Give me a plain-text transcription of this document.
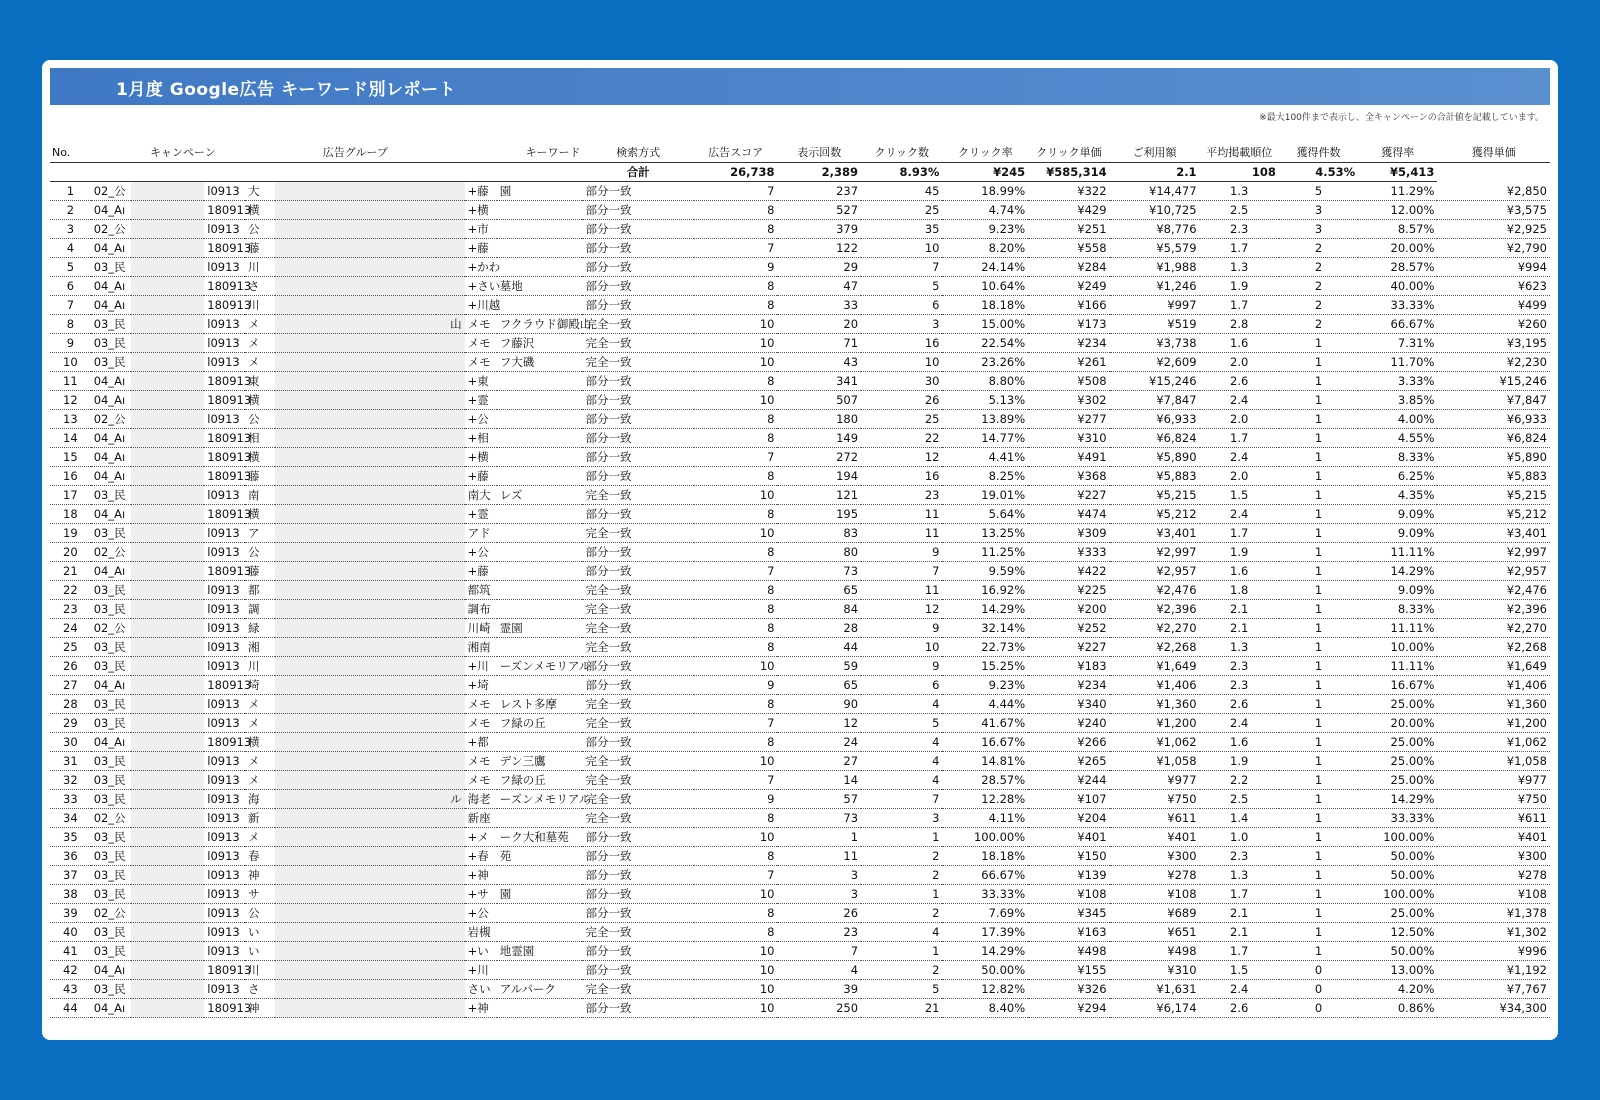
1月度 Google広告 キーワード別レポート
※最大100件まで表示し、全キャンペーンの合計値を記載しています。
No.	キャンペーン				広告グループ	キーワード			検索方式	広告スコア	表示回数	クリック数	クリック率	クリック単価	ご利用額	平均掲載順位	獲得件数	獲得率	獲得単価
									合計	26,738	2,389	8.93%	¥245	¥585,314	2.1	108	4.53%	¥5,413	
1	02_公		l0913	大			+藤	園	部分一致	7	237	45	18.99%	¥322	¥14,477	1.3	5	11.29%	¥2,850
2	04_Aı		180913	横			+横		部分一致	8	527	25	4.74%	¥429	¥10,725	2.5	3	12.00%	¥3,575
3	02_公		l0913	公			+市		部分一致	8	379	35	9.23%	¥251	¥8,776	2.3	3	8.57%	¥2,925
4	04_Aı		180913	藤			+藤		部分一致	7	122	10	8.20%	¥558	¥5,579	1.7	2	20.00%	¥2,790
5	03_民		l0913	川			+かわ		部分一致	9	29	7	24.14%	¥284	¥1,988	1.3	2	28.57%	¥994
6	04_Aı		180913	さ			+さい	墓地	部分一致	8	47	5	10.64%	¥249	¥1,246	1.9	2	40.00%	¥623
7	04_Aı		180913	川			+川越		部分一致	8	33	6	18.18%	¥166	¥997	1.7	2	33.33%	¥499
8	03_民		l0913	メ		山	メモ	フクラウド御殿山	完全一致	10	20	3	15.00%	¥173	¥519	2.8	2	66.67%	¥260
9	03_民		l0913	メ			メモ	フ藤沢	完全一致	10	71	16	22.54%	¥234	¥3,738	1.6	1	7.31%	¥3,195
10	03_民		l0913	メ			メモ	フ大磯	完全一致	10	43	10	23.26%	¥261	¥2,609	2.0	1	11.70%	¥2,230
11	04_Aı		180913	東			+東		部分一致	8	341	30	8.80%	¥508	¥15,246	2.6	1	3.33%	¥15,246
12	04_Aı		180913	横			+霊		部分一致	10	507	26	5.13%	¥302	¥7,847	2.4	1	3.85%	¥7,847
13	02_公		l0913	公			+公		部分一致	8	180	25	13.89%	¥277	¥6,933	2.0	1	4.00%	¥6,933
14	04_Aı		180913	相			+相		部分一致	8	149	22	14.77%	¥310	¥6,824	1.7	1	4.55%	¥6,824
15	04_Aı		180913	横			+横		部分一致	7	272	12	4.41%	¥491	¥5,890	2.4	1	8.33%	¥5,890
16	04_Aı		180913	藤			+藤		部分一致	8	194	16	8.25%	¥368	¥5,883	2.0	1	6.25%	¥5,883
17	03_民		l0913	南			南大	レズ	完全一致	10	121	23	19.01%	¥227	¥5,215	1.5	1	4.35%	¥5,215
18	04_Aı		180913	横			+霊		部分一致	8	195	11	5.64%	¥474	¥5,212	2.4	1	9.09%	¥5,212
19	03_民		l0913	ア			アド		完全一致	10	83	11	13.25%	¥309	¥3,401	1.7	1	9.09%	¥3,401
20	02_公		l0913	公			+公		部分一致	8	80	9	11.25%	¥333	¥2,997	1.9	1	11.11%	¥2,997
21	04_Aı		180913	藤			+藤		部分一致	7	73	7	9.59%	¥422	¥2,957	1.6	1	14.29%	¥2,957
22	03_民		l0913	都			都筑		完全一致	8	65	11	16.92%	¥225	¥2,476	1.8	1	9.09%	¥2,476
23	03_民		l0913	調			調布		完全一致	8	84	12	14.29%	¥200	¥2,396	2.1	1	8.33%	¥2,396
24	02_公		l0913	緑			川崎	霊園	完全一致	8	28	9	32.14%	¥252	¥2,270	2.1	1	11.11%	¥2,270
25	03_民		l0913	湘			湘南		完全一致	8	44	10	22.73%	¥227	¥2,268	1.3	1	10.00%	¥2,268
26	03_民		l0913	川			+川	ーズンメモリアル	部分一致	10	59	9	15.25%	¥183	¥1,649	2.3	1	11.11%	¥1,649
27	04_Aı		180913	埼			+埼		部分一致	9	65	6	9.23%	¥234	¥1,406	2.3	1	16.67%	¥1,406
28	03_民		l0913	メ			メモ	レスト多摩	完全一致	8	90	4	4.44%	¥340	¥1,360	2.6	1	25.00%	¥1,360
29	03_民		l0913	メ			メモ	フ緑の丘	完全一致	7	12	5	41.67%	¥240	¥1,200	2.4	1	20.00%	¥1,200
30	04_Aı		180913	横			+都		部分一致	8	24	4	16.67%	¥266	¥1,062	1.6	1	25.00%	¥1,062
31	03_民		l0913	メ			メモ	デン三鷹	完全一致	10	27	4	14.81%	¥265	¥1,058	1.9	1	25.00%	¥1,058
32	03_民		l0913	メ			メモ	フ緑の丘	完全一致	7	14	4	28.57%	¥244	¥977	2.2	1	25.00%	¥977
33	03_民		l0913	海		ル	海老	ーズンメモリアル	完全一致	9	57	7	12.28%	¥107	¥750	2.5	1	14.29%	¥750
34	02_公		l0913	新			新座		完全一致	8	73	3	4.11%	¥204	¥611	1.4	1	33.33%	¥611
35	03_民		l0913	メ			+メ	ーク大和墓苑	部分一致	10	1	1	100.00%	¥401	¥401	1.0	1	100.00%	¥401
36	03_民		l0913	春			+春	苑	部分一致	8	11	2	18.18%	¥150	¥300	2.3	1	50.00%	¥300
37	03_民		l0913	神			+神		部分一致	7	3	2	66.67%	¥139	¥278	1.3	1	50.00%	¥278
38	03_民		l0913	サ			+サ	園	部分一致	10	3	1	33.33%	¥108	¥108	1.7	1	100.00%	¥108
39	02_公		l0913	公			+公		部分一致	8	26	2	7.69%	¥345	¥689	2.1	1	25.00%	¥1,378
40	03_民		l0913	い			岩槻		完全一致	8	23	4	17.39%	¥163	¥651	2.1	1	12.50%	¥1,302
41	03_民		l0913	い			+い	地霊園	部分一致	10	7	1	14.29%	¥498	¥498	1.7	1	50.00%	¥996
42	04_Aı		180913	川			+川		部分一致	10	4	2	50.00%	¥155	¥310	1.5	0	13.00%	¥1,192
43	03_民		l0913	さ			さい	アルパーク	完全一致	10	39	5	12.82%	¥326	¥1,631	2.4	0	4.20%	¥7,767
44	04_Aı		180913	神			+神		部分一致	10	250	21	8.40%	¥294	¥6,174	2.6	0	0.86%	¥34,300
